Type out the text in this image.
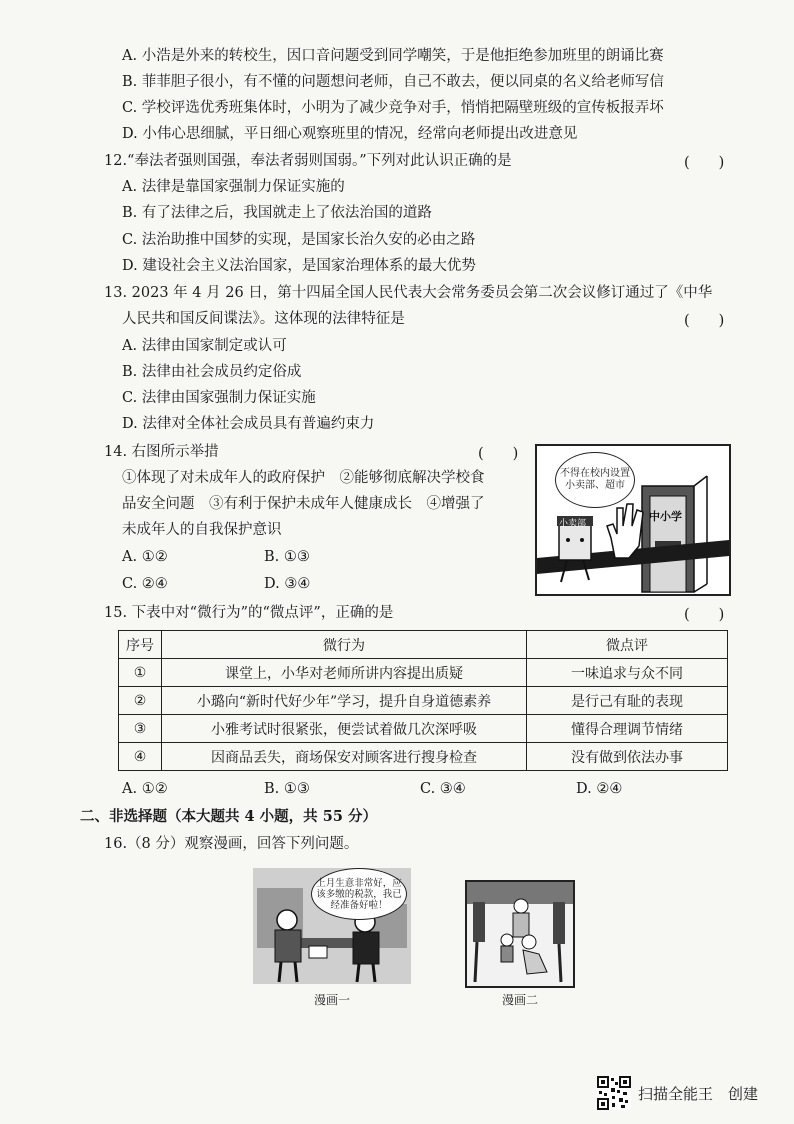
A. 小浩是外来的转校生，因口音问题受到同学嘲笑，于是他拒绝参加班里的朗诵比赛
B. 菲菲胆子很小，有不懂的问题想问老师，自己不敢去，便以同桌的名义给老师写信
C. 学校评选优秀班集体时，小明为了减少竞争对手，悄悄把隔壁班级的宣传板报弄坏
D. 小伟心思细腻，平日细心观察班里的情况，经常向老师提出改进意见
12.“奉法者强则国强，奉法者弱则国弱。”下列对此认识正确的是	(　　)
A. 法律是靠国家强制力保证实施的
B. 有了法律之后，我国就走上了依法治国的道路
C. 法治助推中国梦的实现，是国家长治久安的必由之路
D. 建设社会主义法治国家，是国家治理体系的最大优势
13. 2023 年 4 月 26 日，第十四届全国人民代表大会常务委员会第二次会议修订通过了《中华
人民共和国反间谍法》。这体现的法律特征是	(　　)
A. 法律由国家制定或认可
B. 法律由社会成员约定俗成
C. 法律由国家强制力保证实施
D. 法律对全体社会成员具有普遍约束力
14. 右图所示举措	(　　)
①体现了对未成年人的政府保护　②能够彻底解决学校食
品安全问题　③有利于保护未成年人健康成长　④增强了
未成年人的自我保护意识
A. ①②	B. ①③
C. ②④	D. ③④
不得在校内设置小卖部、超市
中小学
小卖部
15. 下表中对“微行为”的“微点评”，正确的是	(　　)
序号	微行为	微点评
①	课堂上，小华对老师所讲内容提出质疑	一味追求与众不同
②	小璐向“新时代好少年”学习，提升自身道德素养	是行己有耻的表现
③	小雅考试时很紧张，便尝试着做几次深呼吸	懂得合理调节情绪
④	因商品丢失，商场保安对顾客进行搜身检查	没有做到依法办事
A. ①②	B. ①③	C. ③④	D. ②④
二、非选择题（本大题共 4 小题，共 55 分）
16.（8 分）观察漫画，回答下列问题。
上月生意非常好，应该多缴的税款，我已经准备好啦！
漫画一	漫画二
扫描全能王　创建
